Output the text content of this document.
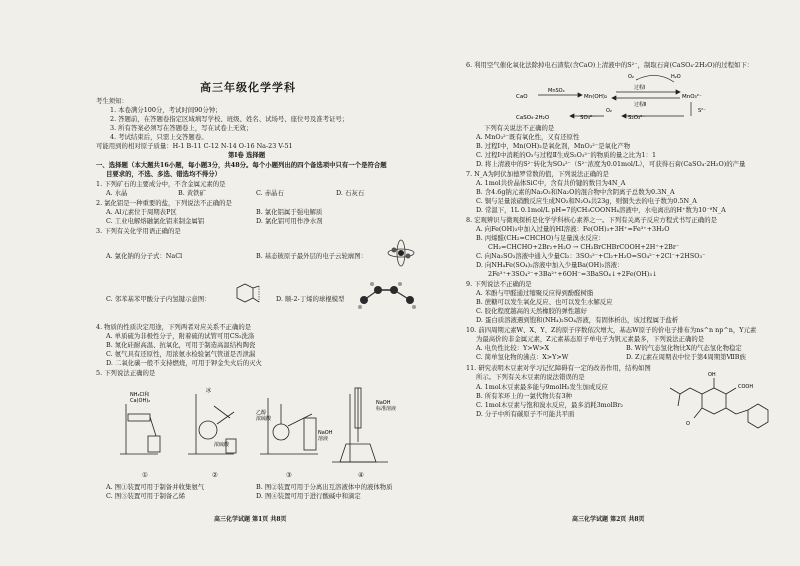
高三年级化学学科
考生须知：
1. 本卷满分100分，考试时间90分钟；
2. 答题前，在答题卷指定区域填写学校、班级、姓名、试场号、座位号及准考证号；
3. 所有答案必须写在答题卷上，写在试卷上无效；
4. 考试结束后，只需上交答题卷。
可能用到的相对原子质量：H-1 B-11 C-12 N-14 O-16 Na-23 V-51
第Ⅰ卷 选择题
一、选择题（本大题共16小题，每小题3分，共48分。每个小题列出的四个备选项中只有一个是符合题
目要求的，不选、多选、错选均不得分）
1. 下列矿石的主要成分中，不含金属元素的是
A. 水晶	B. 黄铁矿	C. 赤晶石	D. 石灰石
2. 氯化铝是一种重要的盐，下列说法不正确的是
A. Al元素位于周期表P区	B. 氯化铝属于强电解质
C. 工业电解熔融氯化铝来制金属铝	D. 氯化铝可用作净水剂
3. 下列有关化学用语正确的是
A. 氯化钠的分子式：NaCl	B. 基态铍原子最外层的电子云轮廓图：
C. 邻苯基苯甲酸分子内氢键示意图：	D. 顺-2-丁烯的球棍模型
4. 物质的性质决定用途，下列两者对应关系不正确的是
A. 单质硫为非极性分子，附着硫的试管可用CS₂洗涤
B. 氮化硅耐高温、抗氧化，可用于制造高温结构陶瓷
C. 氨气具有还原性，用浓氨水检验氯气管道是否泄漏
D. 二氧化碳一般不支持燃烧，可用于钾金失火后的灭火
5. 下列说法正确的是
NH₄Cl和
Ca(OH)₂
冰
浓硫酸
乙醇
浓硫酸
NaOH
溶液
NaOH
标准溶液
①	②	③	④
A. 图①装置可用于制备并收集氨气	B. 图②装置可用于分离出互溶液体中的液体物质
C. 图③装置可用于制备乙烯	D. 图④装置可用于进行酸碱中和滴定
高三化学试题 第1页 共8页
6. 利用空气催化氧化法除掉电石渣浆(含CaO)上清液中的S²⁻，制取石膏(CaSO₄·2H₂O)的过程如下：
CaO
MnSO₄
Mn(OH)₂
过程Ⅰ
O₂	H₂O
MnO₃²⁻
过程Ⅱ
S²⁻
CaSO₄·2H₂O	SO₄²⁻
O₂
S₂O₃²⁻
下列有关说法不正确的是
A. MnO₃²⁻既有氧化性，又有还原性
B. 过程Ⅰ中，Mn(OH)₂是氧化剂，MnO₃²⁻是氧化产物
C. 过程Ⅰ中消耗的O₂与过程Ⅱ生成S₂O₃²⁻的物质的量之比为1：1
D. 将上清液中的S²⁻转化为SO₄²⁻（S²⁻浓度为0.01mol/L），可获得石膏(CaSO₄·2H₂O)的产量
7. N_A为阿伏加德罗常数的值，下列说法正确的是
A. 1mol共价晶体SiC中，含有共价键的数目为4N_A
B. 含4.6g钠元素的Na₂O₂和Na₂O的混合物中含阴离子总数为0.3N_A
C. 铜与足量浓硝酸反应生成NO₂和N₂O₄共23g，则铜失去的电子数为0.5N_A
D. 常温下，1L 0.1mol/L pH=7的CH₃COONH₄溶液中，水电离出的H⁺数为10⁻⁸N_A
8. 宏观辨识与微观探析是化学学科核心素养之一。下列有关离子反应方程式书写正确的是
A. 向Fe(OH)₃中加入过量的HI溶液：Fe(OH)₃+3H⁺=Fe³⁺+3H₂O
B. 丙烯醛(CH₂=CHCHO)与足量溴水反应：
CH₂=CHCHO+2Br₂+H₂O → CH₂BrCHBrCOOH+2H⁺+2Br⁻
C. 向Na₂SO₃溶液中通入少量Cl₂：3SO₃²⁻+Cl₂+H₂O=SO₄²⁻+2Cl⁻+2HSO₃⁻
D. 向NH₄Fe(SO₄)₂溶液中加入少量Ba(OH)₂溶液：
2Fe³⁺+3SO₄²⁻+3Ba²⁺+6OH⁻=3BaSO₄↓+2Fe(OH)₃↓
9. 下列说法不正确的是
A. 苯酚与甲醛通过缩聚反应得到酚醛树脂
B. 蔗糖可以发生氧化反应、也可以发生水解反应
C. 胶化程度越高的天然橡胶的弹性越好
D. 蛋白质溶液遇到饱和(NH₄)₂SO₄溶液，有固体析出，该过程属于盐析
10. 前四周期元素W、X、Y、Z的原子序数依次增大，基态W原子的价电子排布为ns^n np^n，Y元素
为最高价的非金属元素，Z元素基态原子单电子为钒元素最多，下列说法正确的是
A. 电负性比较：Y>W>X	B. W的气态氢化物比X的气态氢化物稳定
C. 简单氢化物的沸点：X>Y>W	D. Z元素在周期表中位于第4周期第ⅦB族
11. 研究表明木豆素对学习记忆障碍有一定的改善作用，结构如图
所示。下列有关木豆素的说法错误的是	OH
COOH
O
A. 1mol木豆素最多能与9molH₂发生加成反应
B. 所有苯环上的一氯代物共有3种
C. 1mol木豆素与饱和溴水反应，最多消耗3molBr₂
D. 分子中所有碳原子不可能共平面
高三化学试题 第2页 共8页
